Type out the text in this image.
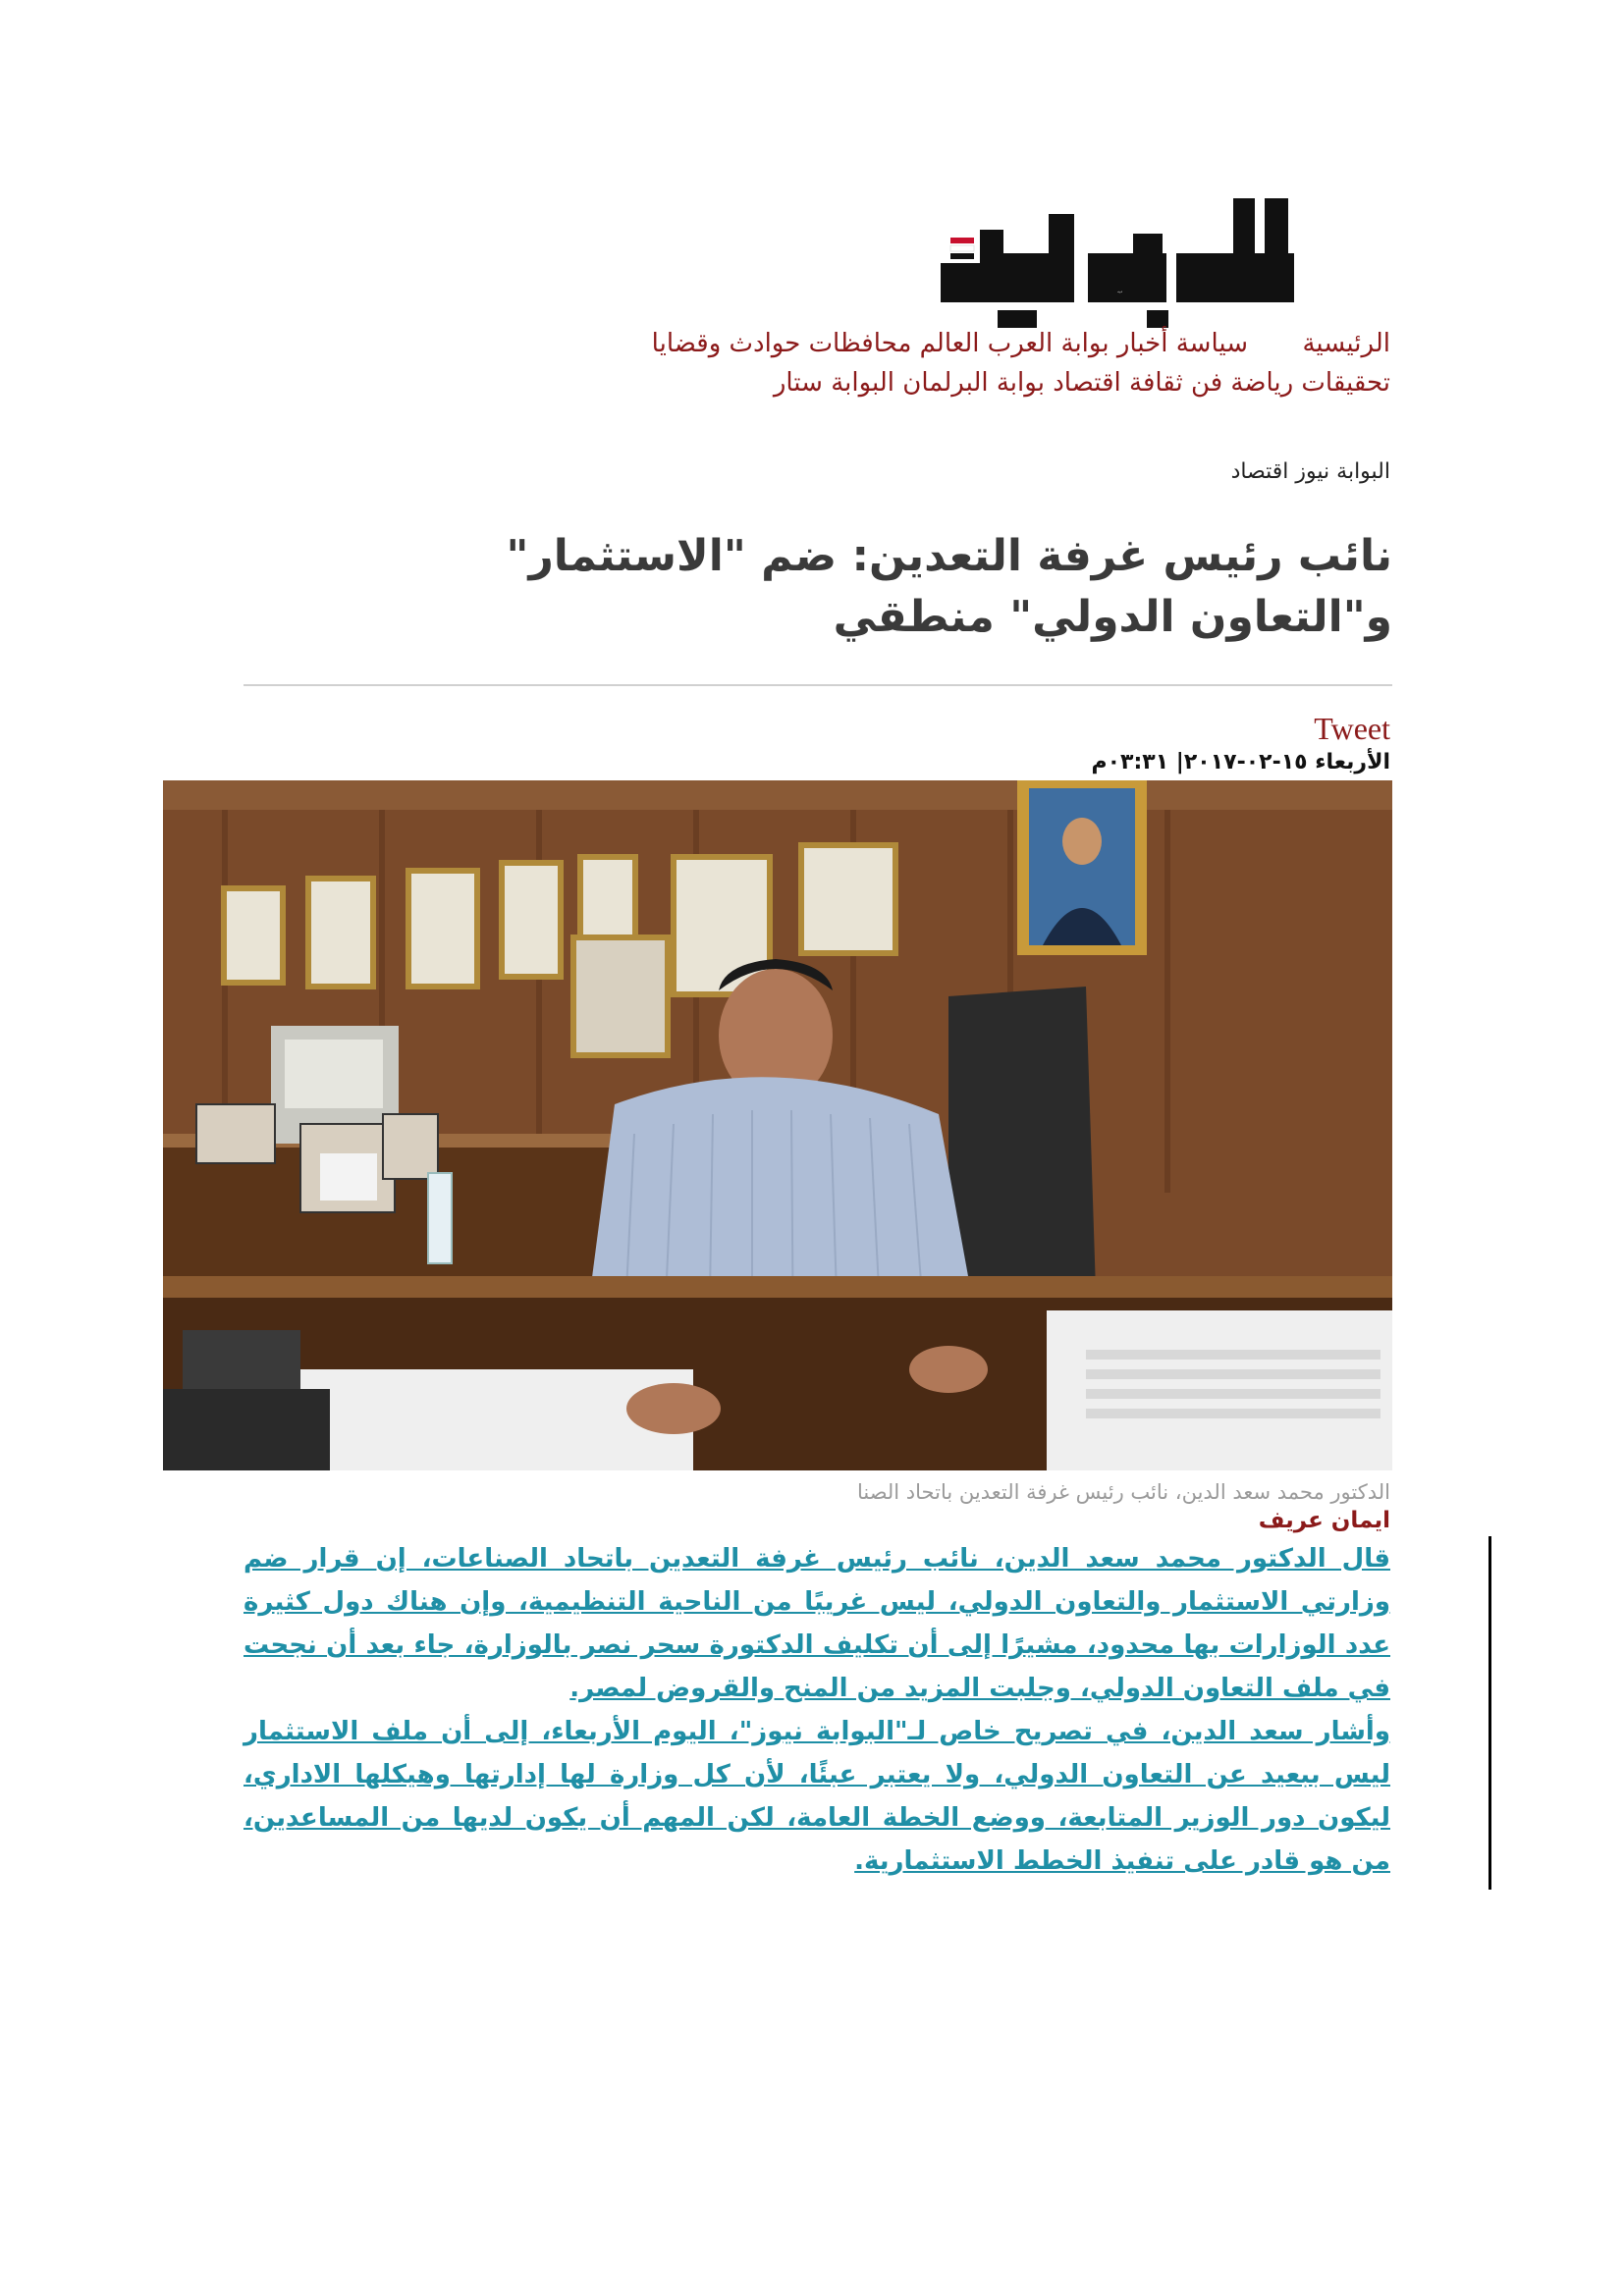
البوابة
الرئيسية
سياسة أخبار بوابة العرب العالم محافظات حوادث وقضايا
تحقيقات رياضة فن ثقافة اقتصاد بوابة البرلمان البوابة ستار
البوابة نيوز اقتصاد
نائب رئيس غرفة التعدين: ضم "الاستثمار" و"التعاون الدولي" منطقي
Tweet
الأربعاء ١٥-٠٢-٢٠١٧| ٠٣:٣١م
الدكتور محمد سعد الدين، نائب رئيس غرفة التعدين باتحاد الصنا
ايمان عريف

قال الدكتور محمد سعد الدين، نائب رئيس غرفة التعدين باتحاد الصناعات، إن قرار ضم وزارتي الاستثمار والتعاون الدولي، ليس غريبًا من الناحية التنظيمية، وإن هناك دول كثيرة عدد الوزارات بها محدود، مشيرًا إلى أن تكليف الدكتورة سحر نصر بالوزارة، جاء بعد أن نجحت في ملف التعاون الدولي، وجلبت المزيد من المنح والقروض لمصر.

وأشار سعد الدين، في تصريح خاص لـ"البوابة نيوز"، اليوم الأربعاء، إلى أن ملف الاستثمار ليس ببعيد عن التعاون الدولي، ولا يعتبر عبئًا، لأن كل وزارة لها إدارتها وهيكلها الاداري، ليكون دور الوزير المتابعة، ووضع الخطة العامة، لكن المهم أن يكون لديها من المساعدين، من هو قادر على تنفيذ الخطط الاستثمارية.
